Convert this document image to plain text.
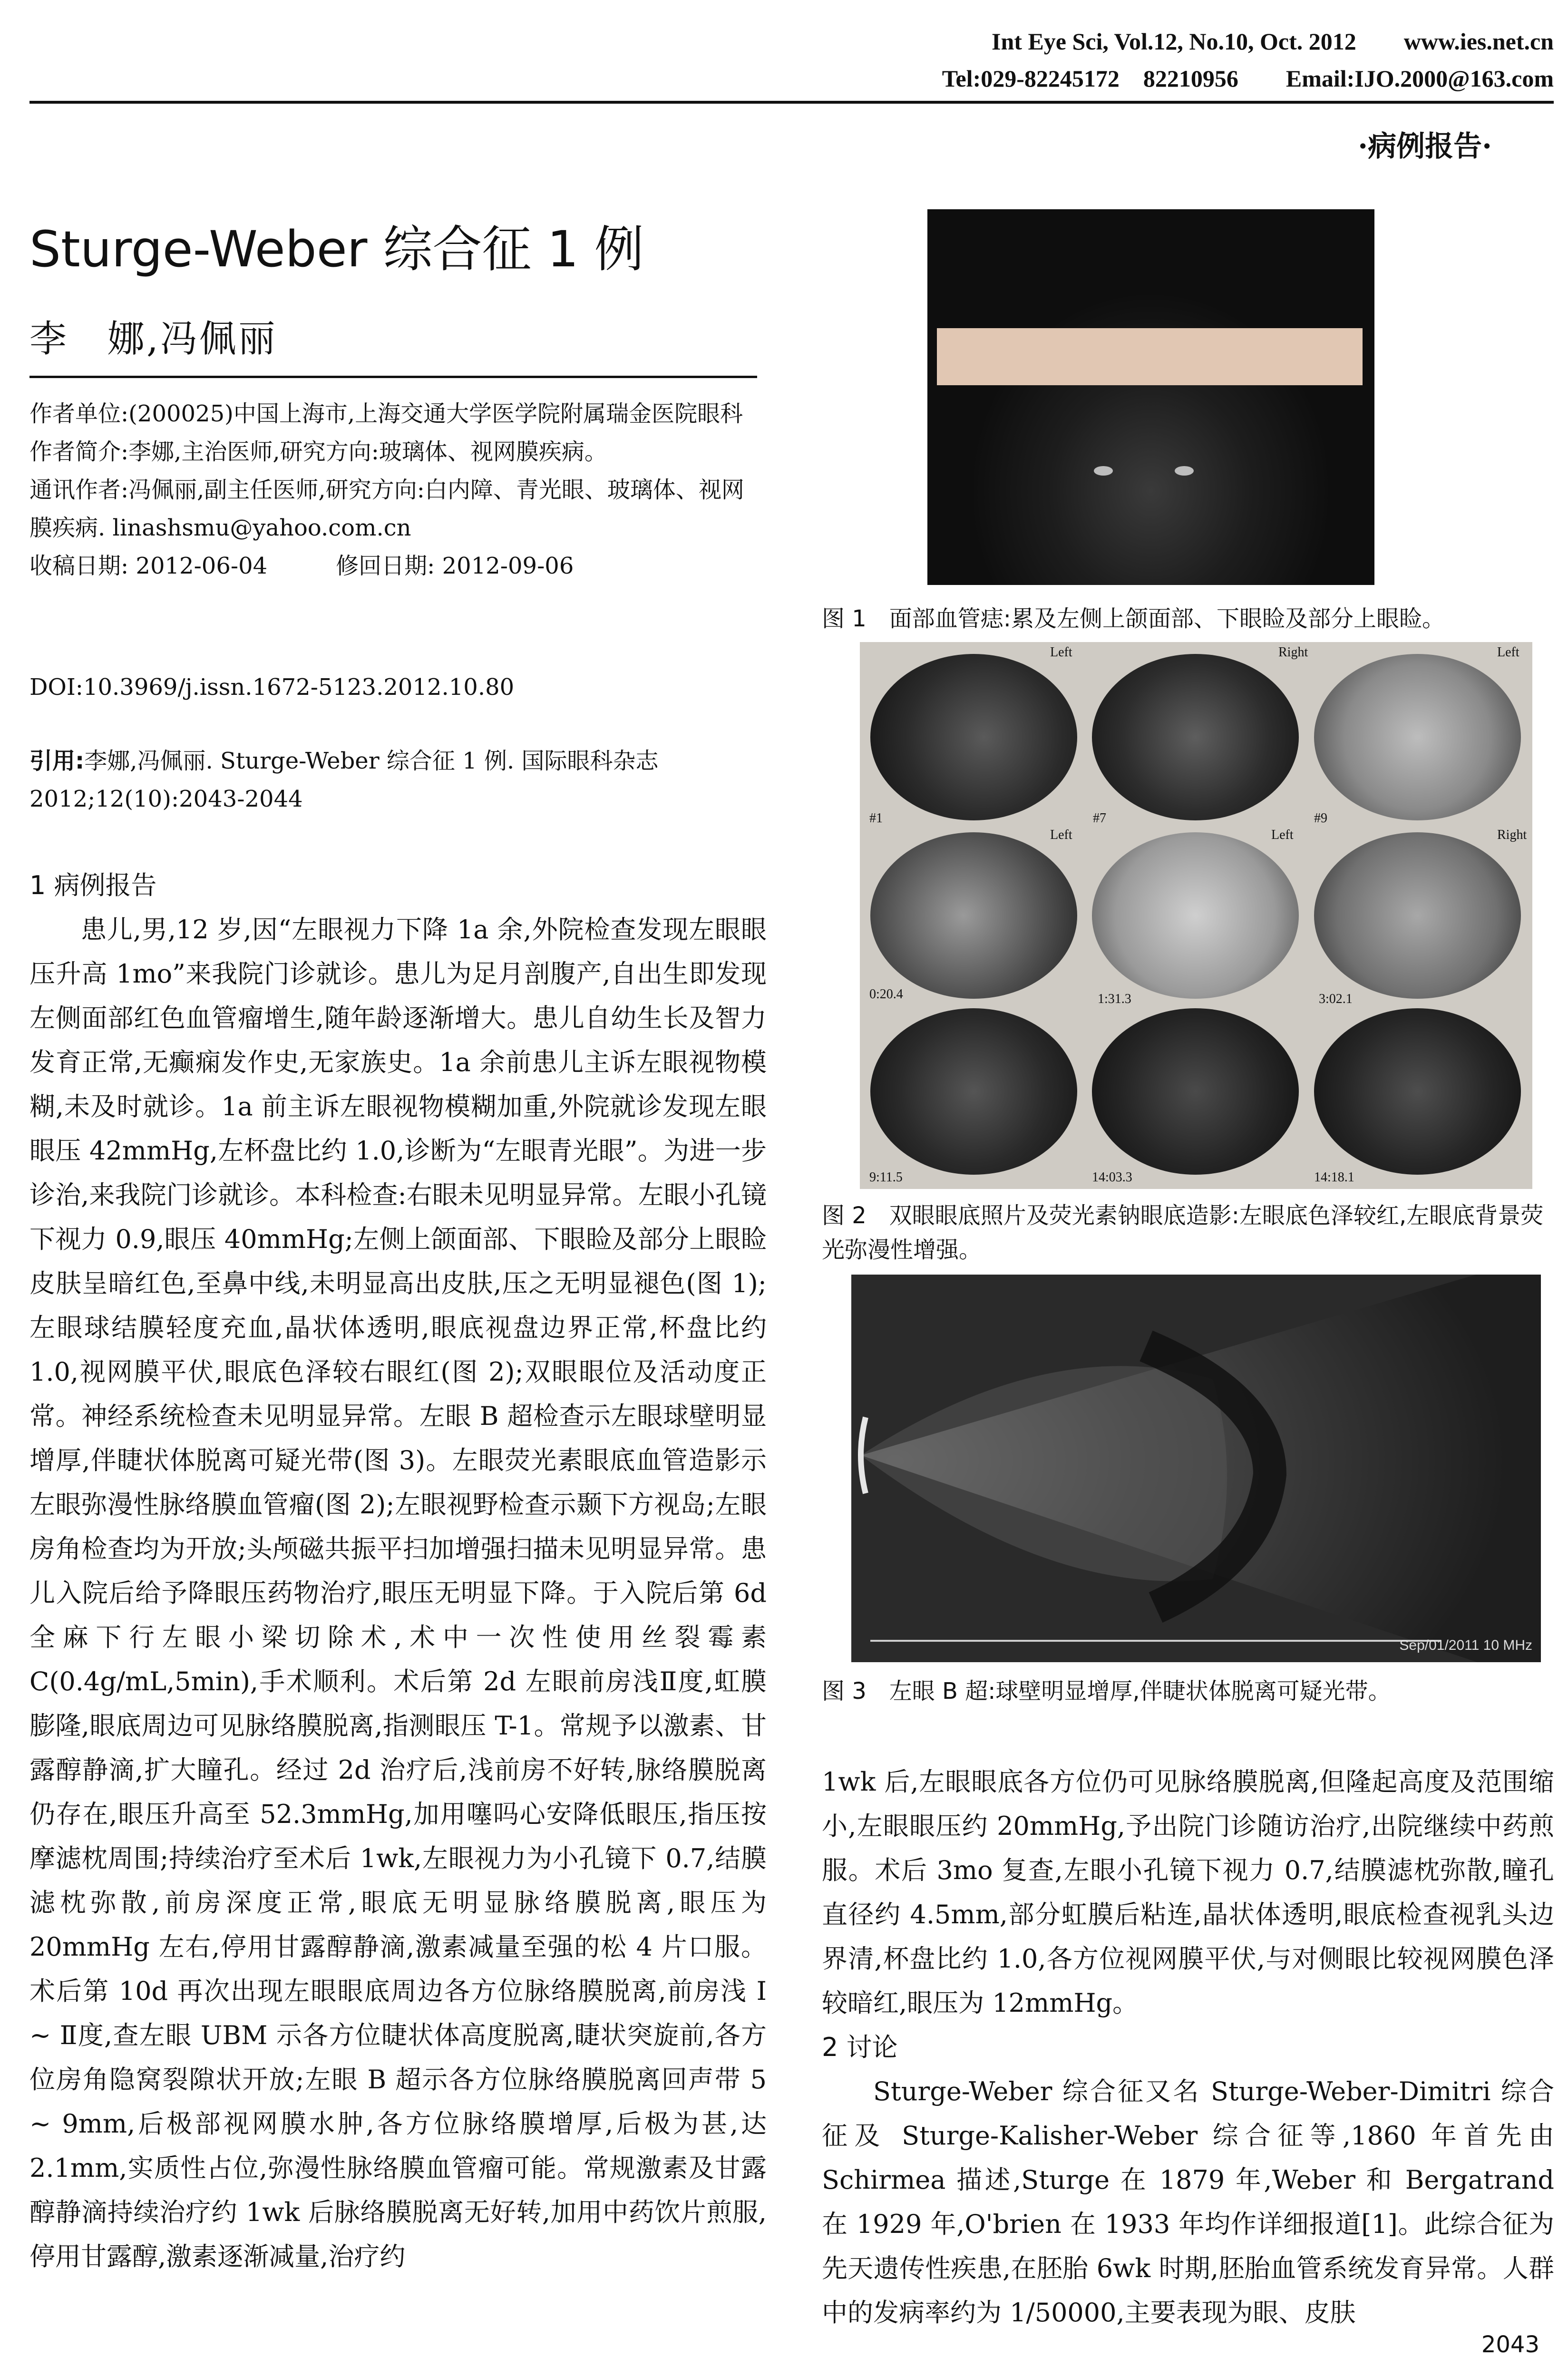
Int Eye Sci, Vol.12, No.10, Oct. 2012        www.ies.net.cn
Tel:029-82245172    82210956        Email:IJO.2000@163.com
·病例报告·
Sturge-Weber 综合征 1 例
李　娜,冯佩丽

作者单位:(200025)中国上海市,上海交通大学医学院附属瑞金医院眼科

作者简介:李娜,主治医师,研究方向:玻璃体、视网膜疾病。

通讯作者:冯佩丽,副主任医师,研究方向:白内障、青光眼、玻璃体、视网膜疾病. linashsmu@yahoo.com.cn

收稿日期: 2012-06-04　　　修回日期: 2012-09-06

DOI:10.3969/j.issn.1672-5123.2012.10.80
引用:李娜,冯佩丽. Sturge-Weber 综合征 1 例. 国际眼科杂志 2012;12(10):2043-2044
1 病例报告

患儿,男,12 岁,因“左眼视力下降 1a 余,外院检查发现左眼眼压升高 1mo”来我院门诊就诊。患儿为足月剖腹产,自出生即发现左侧面部红色血管瘤增生,随年龄逐渐增大。患儿自幼生长及智力发育正常,无癫痫发作史,无家族史。1a 余前患儿主诉左眼视物模糊,未及时就诊。1a 前主诉左眼视物模糊加重,外院就诊发现左眼眼压 42mmHg,左杯盘比约 1.0,诊断为“左眼青光眼”。为进一步诊治,来我院门诊就诊。本科检查:右眼未见明显异常。左眼小孔镜下视力 0.9,眼压 40mmHg;左侧上颌面部、下眼睑及部分上眼睑皮肤呈暗红色,至鼻中线,未明显高出皮肤,压之无明显褪色(图 1);左眼球结膜轻度充血,晶状体透明,眼底视盘边界正常,杯盘比约 1.0,视网膜平伏,眼底色泽较右眼红(图 2);双眼眼位及活动度正常。神经系统检查未见明显异常。左眼 B 超检查示左眼球壁明显增厚,伴睫状体脱离可疑光带(图 3)。左眼荧光素眼底血管造影示左眼弥漫性脉络膜血管瘤(图 2);左眼视野检查示颞下方视岛;左眼房角检查均为开放;头颅磁共振平扫加增强扫描未见明显异常。患儿入院后给予降眼压药物治疗,眼压无明显下降。于入院后第 6d 全麻下行左眼小梁切除术,术中一次性使用丝裂霉素 C(0.4g/mL,5min),手术顺利。术后第 2d 左眼前房浅Ⅱ度,虹膜膨隆,眼底周边可见脉络膜脱离,指测眼压 T-1。常规予以激素、甘露醇静滴,扩大瞳孔。经过 2d 治疗后,浅前房不好转,脉络膜脱离仍存在,眼压升高至 52.3mmHg,加用噻吗心安降低眼压,指压按摩滤枕周围;持续治疗至术后 1wk,左眼视力为小孔镜下 0.7,结膜滤枕弥散,前房深度正常,眼底无明显脉络膜脱离,眼压为 20mmHg 左右,停用甘露醇静滴,激素减量至强的松 4 片口服。术后第 10d 再次出现左眼眼底周边各方位脉络膜脱离,前房浅 Ⅰ ~ Ⅱ度,查左眼 UBM 示各方位睫状体高度脱离,睫状突旋前,各方位房角隐窝裂隙状开放;左眼 B 超示各方位脉络膜脱离回声带 5 ~ 9mm,后极部视网膜水肿,各方位脉络膜增厚,后极为甚,达 2.1mm,实质性占位,弥漫性脉络膜血管瘤可能。常规激素及甘露醇静滴持续治疗约 1wk 后脉络膜脱离无好转,加用中药饮片煎服,停用甘露醇,激素逐渐减量,治疗约

图 1　面部血管痣:累及左侧上颌面部、下眼睑及部分上眼睑。
Left	Right	Left
#1	#7	#9
Left	Left	Right
0:20.4	1:31.3	3:02.1
9:11.5	14:03.3	14:18.1
图 2　双眼眼底照片及荧光素钠眼底造影:左眼底色泽较红,左眼底背景荧光弥漫性增强。
Sep/01/2011 10 MHz
图 3　左眼 B 超:球壁明显增厚,伴睫状体脱离可疑光带。

1wk 后,左眼眼底各方位仍可见脉络膜脱离,但隆起高度及范围缩小,左眼眼压约 20mmHg,予出院门诊随访治疗,出院继续中药煎服。术后 3mo 复查,左眼小孔镜下视力 0.7,结膜滤枕弥散,瞳孔直径约 4.5mm,部分虹膜后粘连,晶状体透明,眼底检查视乳头边界清,杯盘比约 1.0,各方位视网膜平伏,与对侧眼比较视网膜色泽较暗红,眼压为 12mmHg。

2 讨论

Sturge-Weber 综合征又名 Sturge-Weber-Dimitri 综合征及 Sturge-Kalisher-Weber 综合征等,1860 年首先由 Schirmea 描述,Sturge 在 1879 年,Weber 和 Bergatrand 在 1929 年,O'brien 在 1933 年均作详细报道[1]。此综合征为先天遗传性疾患,在胚胎 6wk 时期,胚胎血管系统发育异常。人群中的发病率约为 1/50000,主要表现为眼、皮肤

2043
